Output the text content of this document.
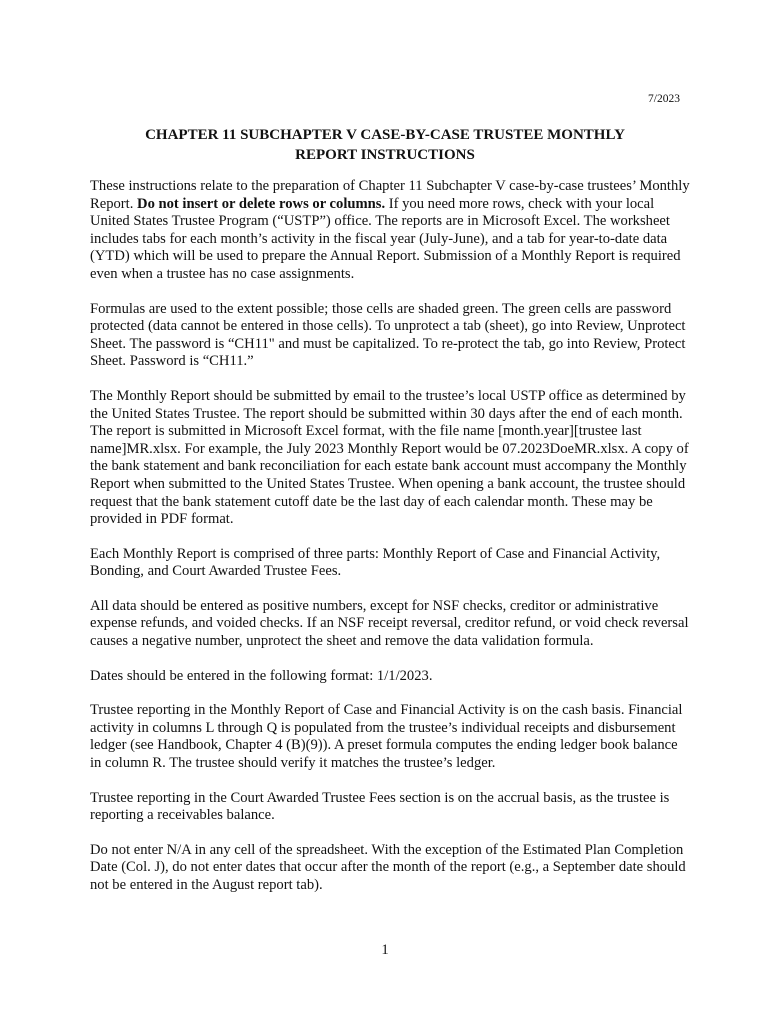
7/2023
CHAPTER 11 SUBCHAPTER V CASE-BY-CASE TRUSTEE MONTHLY
REPORT INSTRUCTIONS

These instructions relate to the preparation of Chapter 11 Subchapter V case-by-case trustees’ Monthly Report. Do not insert or delete rows or columns. If you need more rows, check with your local United States Trustee Program (“USTP”) office. The reports are in Microsoft Excel. The worksheet includes tabs for each month’s activity in the fiscal year (July-June), and a tab for year-to-date data (YTD) which will be used to prepare the Annual Report. Submission of a Monthly Report is required even when a trustee has no case assignments.

Formulas are used to the extent possible; those cells are shaded green. The green cells are password protected (data cannot be entered in those cells). To unprotect a tab (sheet), go into Review, Unprotect Sheet. The password is “CH11" and must be capitalized. To re-protect the tab, go into Review, Protect Sheet. Password is “CH11.”

The Monthly Report should be submitted by email to the trustee’s local USTP office as determined by the United States Trustee. The report should be submitted within 30 days after the end of each month. The report is submitted in Microsoft Excel format, with the file name [month.year][trustee last name]MR.xlsx. For example, the July 2023 Monthly Report would be 07.2023DoeMR.xlsx. A copy of the bank statement and bank reconciliation for each estate bank account must accompany the Monthly Report when submitted to the United States Trustee. When opening a bank account, the trustee should request that the bank statement cutoff date be the last day of each calendar month. These may be provided in PDF format.

Each Monthly Report is comprised of three parts: Monthly Report of Case and Financial Activity, Bonding, and Court Awarded Trustee Fees.

All data should be entered as positive numbers, except for NSF checks, creditor or administrative expense refunds, and voided checks. If an NSF receipt reversal, creditor refund, or void check reversal causes a negative number, unprotect the sheet and remove the data validation formula.

Dates should be entered in the following format: 1/1/2023.

Trustee reporting in the Monthly Report of Case and Financial Activity is on the cash basis. Financial activity in columns L through Q is populated from the trustee’s individual receipts and disbursement ledger (see Handbook, Chapter 4 (B)(9)). A preset formula computes the ending ledger book balance in column R. The trustee should verify it matches the trustee’s ledger.

Trustee reporting in the Court Awarded Trustee Fees section is on the accrual basis, as the trustee is reporting a receivables balance.

Do not enter N/A in any cell of the spreadsheet. With the exception of the Estimated Plan Completion Date (Col. J), do not enter dates that occur after the month of the report (e.g., a September date should not be entered in the August report tab).

1
